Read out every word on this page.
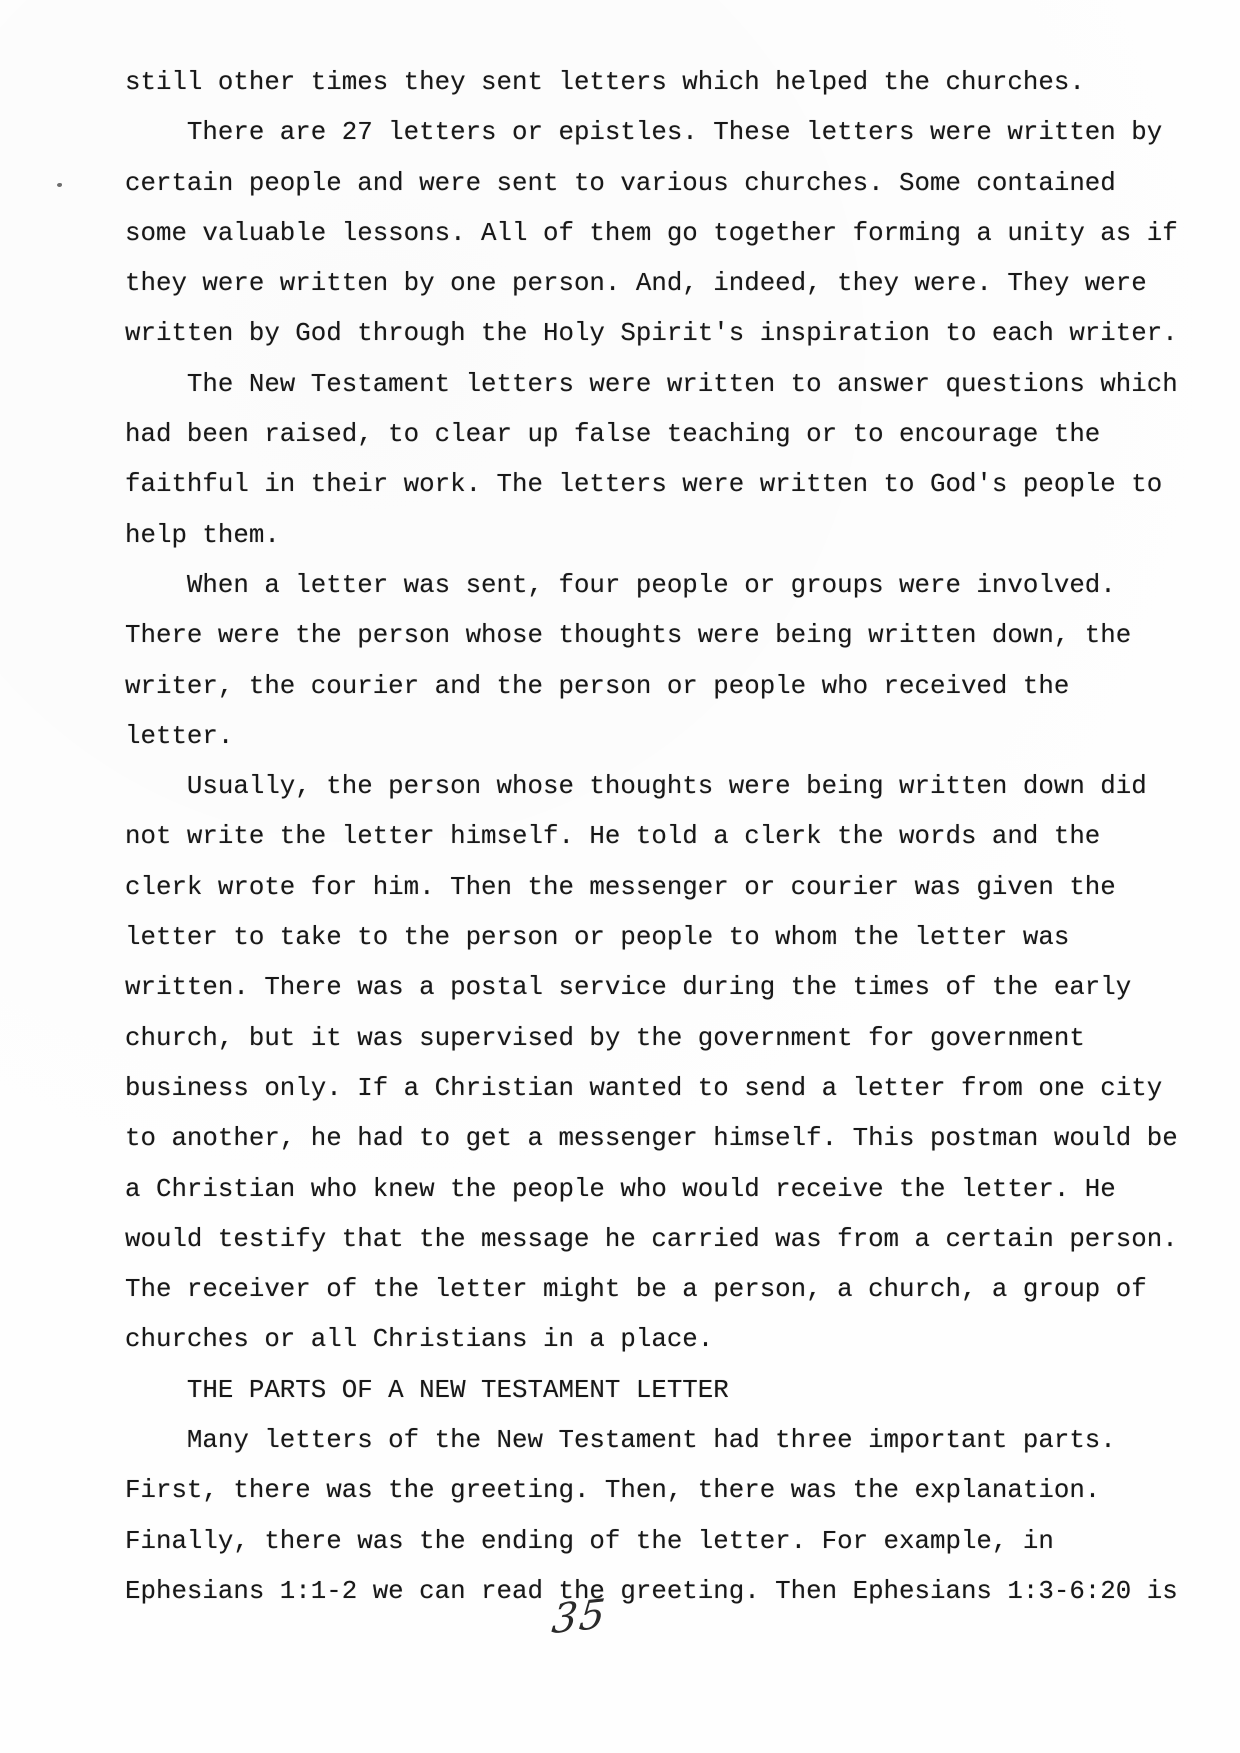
still other times they sent letters which helped the churches.
There are 27 letters or epistles. These letters were written by
certain people and were sent to various churches. Some contained
some valuable lessons. All of them go together forming a unity as if
they were written by one person. And, indeed, they were. They were
written by God through the Holy Spirit's inspiration to each writer.
The New Testament letters were written to answer questions which
had been raised, to clear up false teaching or to encourage the
faithful in their work. The letters were written to God's people to
help them.
When a letter was sent, four people or groups were involved.
There were the person whose thoughts were being written down, the
writer, the courier and the person or people who received the
letter.
Usually, the person whose thoughts were being written down did
not write the letter himself. He told a clerk the words and the
clerk wrote for him. Then the messenger or courier was given the
letter to take to the person or people to whom the letter was
written. There was a postal service during the times of the early
church, but it was supervised by the government for government
business only. If a Christian wanted to send a letter from one city
to another, he had to get a messenger himself. This postman would be
a Christian who knew the people who would receive the letter. He
would testify that the message he carried was from a certain person.
The receiver of the letter might be a person, a church, a group of
churches or all Christians in a place.
THE PARTS OF A NEW TESTAMENT LETTER
Many letters of the New Testament had three important parts.
First, there was the greeting. Then, there was the explanation.
Finally, there was the ending of the letter. For example, in
Ephesians 1:1-2 we can read the greeting. Then Ephesians 1:3-6:20 is
35
